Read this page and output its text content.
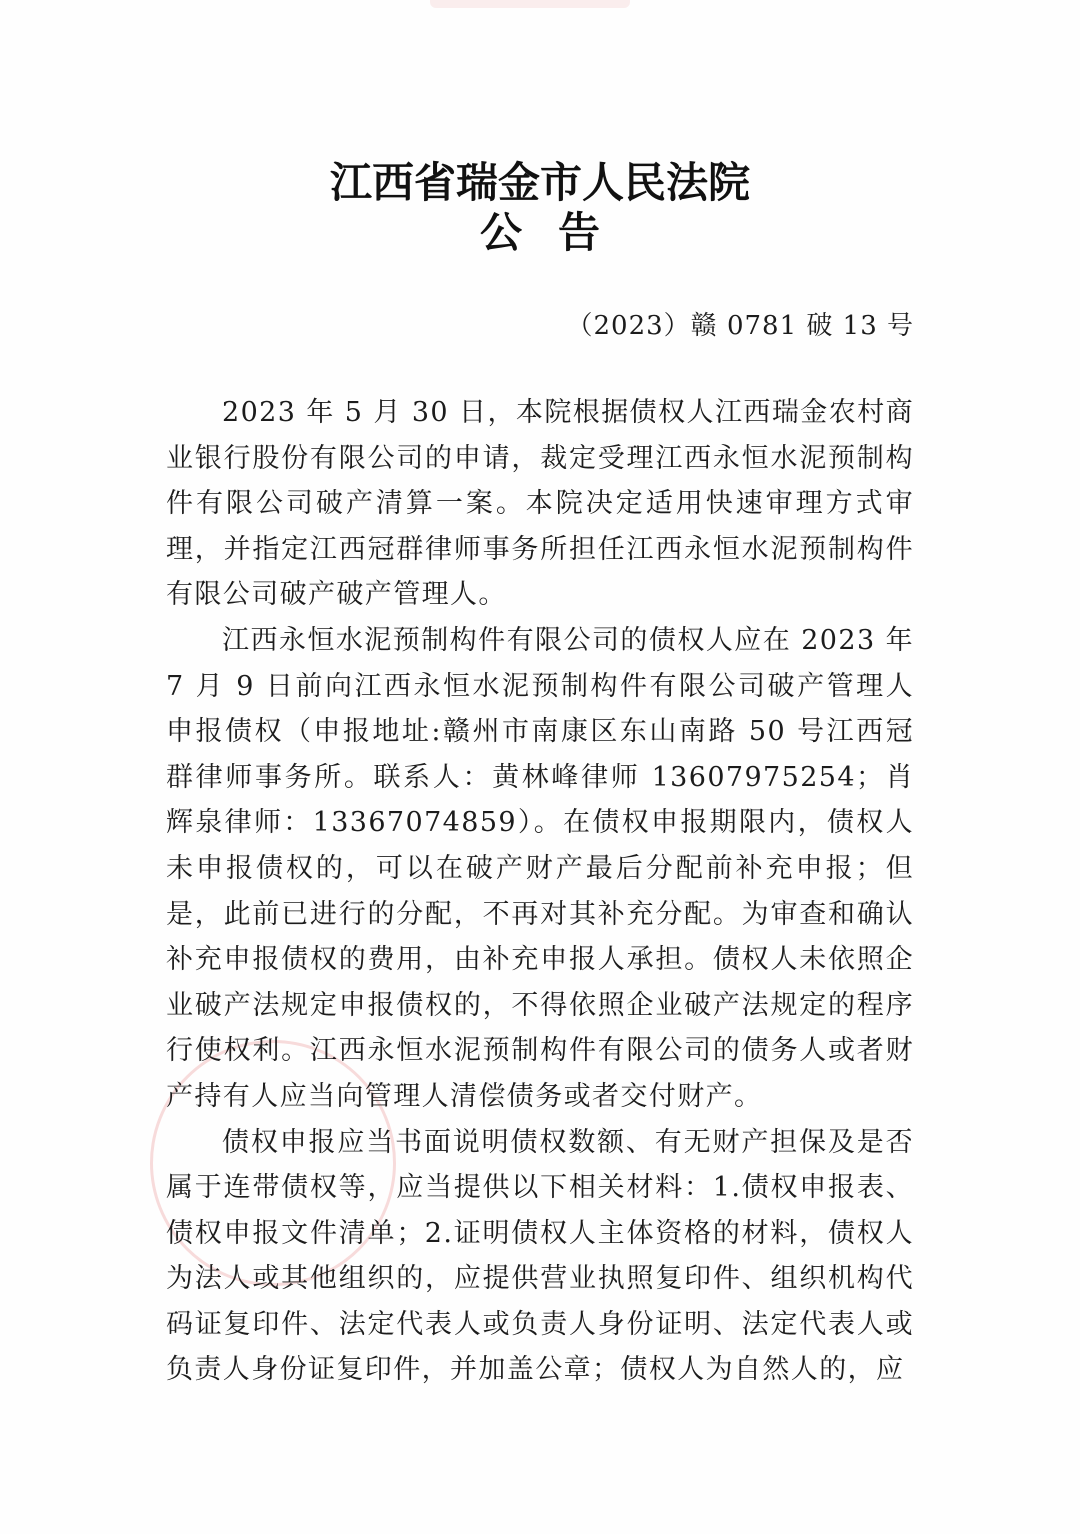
江西省瑞金市人民法院
公告

（2023）赣 0781 破 13 号

2023 年 5 月 30 日，本院根据债权人江西瑞金农村商业银行股份有限公司的申请，裁定受理江西永恒水泥预制构件有限公司破产清算一案。本院决定适用快速审理方式审理，并指定江西冠群律师事务所担任江西永恒水泥预制构件有限公司破产破产管理人。

江西永恒水泥预制构件有限公司的债权人应在 2023 年 7 月 9 日前向江西永恒水泥预制构件有限公司破产管理人申报债权（申报地址:赣州市南康区东山南路 50 号江西冠群律师事务所。联系人：黄林峰律师 13607975254；肖辉泉律师：13367074859）。在债权申报期限内，债权人未申报债权的，可以在破产财产最后分配前补充申报；但是，此前已进行的分配，不再对其补充分配。为审查和确认补充申报债权的费用，由补充申报人承担。债权人未依照企业破产法规定申报债权的，不得依照企业破产法规定的程序行使权利。江西永恒水泥预制构件有限公司的债务人或者财产持有人应当向管理人清偿债务或者交付财产。

债权申报应当书面说明债权数额、有无财产担保及是否属于连带债权等，应当提供以下相关材料：1.债权申报表、债权申报文件清单；2.证明债权人主体资格的材料，债权人为法人或其他组织的，应提供营业执照复印件、组织机构代码证复印件、法定代表人或负责人身份证明、法定代表人或负责人身份证复印件，并加盖公章；债权人为自然人的，应
